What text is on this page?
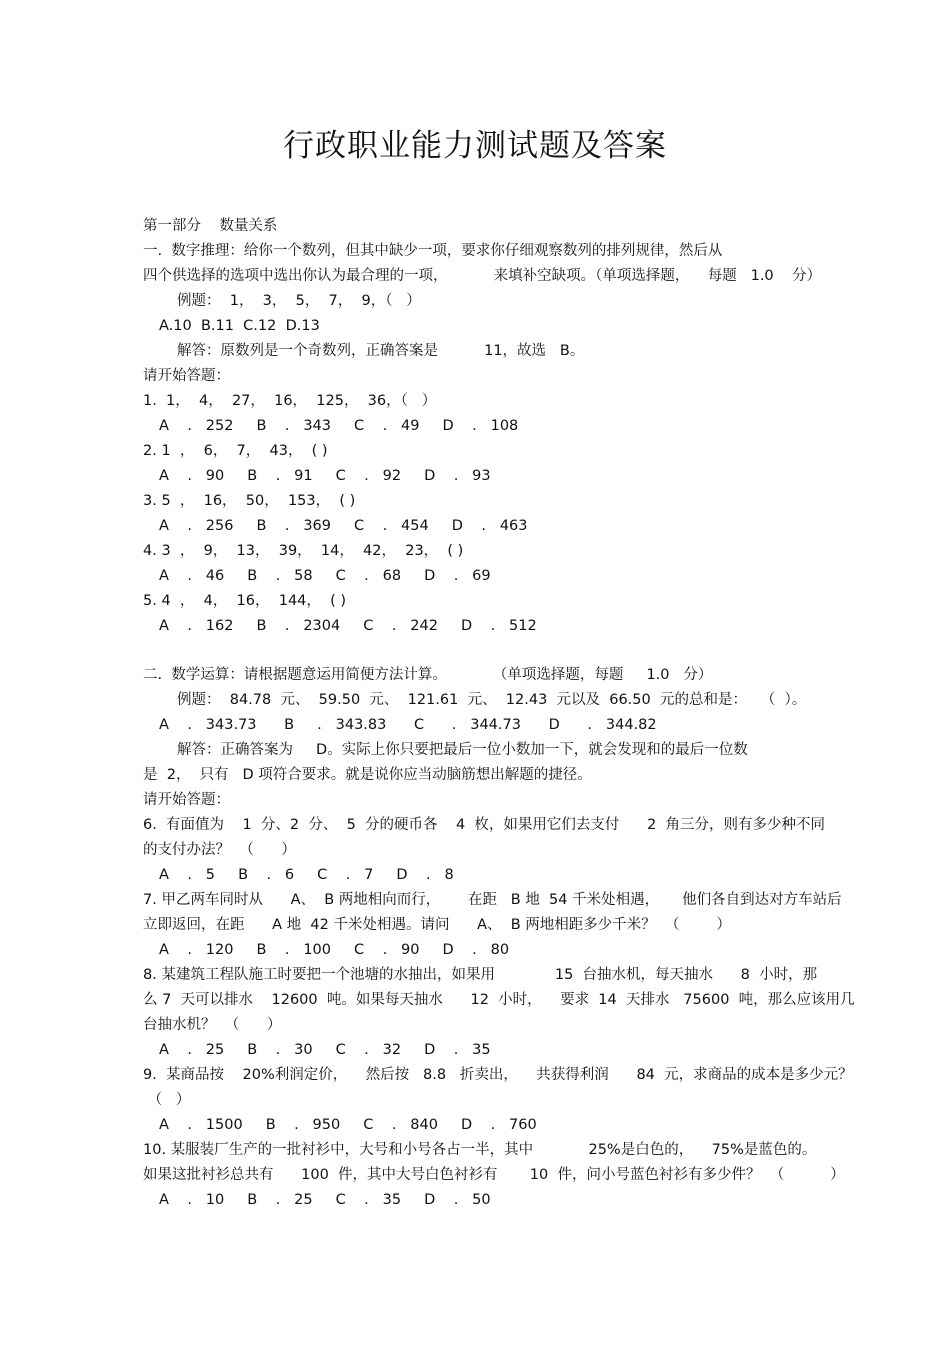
行政职业能力测试题及答案
第一部分    数量关系
一.  数字推理：给你一个数列，但其中缺少一项，要求你仔细观察数列的排列规律，然后从
四个供选择的选项中选出你认为最合理的一项，          来填补空缺项。（单项选择题，    每题   1.0    分）
例题：  1，  3，  5，  7，  9，（   ）
A.10  B.11  C.12  D.13
解答：原数列是一个奇数列，正确答案是          11，故选   B。
请开始答题：
1.  1，  4，  27，  16，  125，  36，（   ）
A    .   252     B    .   343     C    .   49     D    .   108
2. 1  ，  6，  7，  43，  ( )
A    .   90     B    .   91     C    .   92     D    .   93
3. 5  ，  16，  50，  153，  ( )
A    .   256     B    .   369     C    .   454     D    .   463
4. 3  ，  9，  13，  39，  14，  42，  23，  ( )
A    .   46     B    .   58     C    .   68     D    .   69
5. 4  ，  4，  16，  144，  ( )
A    .   162     B    .   2304     C    .   242     D    .   512
二.  数学运算：请根据题意运用简便方法计算。          （单项选择题，每题     1.0   分）
例题：  84.78  元、  59.50  元、  121.61  元、  12.43  元以及  66.50  元的总和是：   （  ）。
A    .   343.73      B     .   343.83      C      .   344.73      D      .   344.82
解答：正确答案为     D。实际上你只要把最后一位小数加一下，就会发现和的最后一位数
是  2，  只有   D 项符合要求。就是说你应当动脑筋想出解题的捷径。
请开始答题：
6.  有面值为    1  分、2  分、  5  分的硬币各    4  枚，如果用它们去支付      2  角三分，则有多少种不同
的支付办法？  （      ）
A    .   5     B    .   6     C    .   7     D    .   8
7. 甲乙两车同时从      A、  B 两地相向而行，      在距   B 地  54 千米处相遇，     他们各自到达对方车站后
立即返回，在距      A 地  42 千米处相遇。请问      A、  B 两地相距多少千米？  （        ）
A    .   120     B    .   100     C    .   90     D    .   80
8. 某建筑工程队施工时要把一个池塘的水抽出，如果用             15  台抽水机，每天抽水      8  小时，那
么 7  天可以排水    12600  吨。如果每天抽水      12  小时，    要求  14  天排水   75600  吨，那么应该用几
台抽水机？  （      ）
A    .   25     B    .   30     C    .   32     D    .   35
9.  某商品按    20%利润定价，    然后按   8.8   折卖出，    共获得利润      84  元，求商品的成本是多少元？
（   ）
A    .   1500     B    .   950     C    .   840     D    .   760
10. 某服装厂生产的一批衬衫中，大号和小号各占一半，其中            25%是白色的，    75%是蓝色的。
如果这批衬衫总共有      100  件，其中大号白色衬衫有       10  件，问小号蓝色衬衫有多少件？  （          ）
A    .   10     B    .   25     C    .   35     D    .   50
